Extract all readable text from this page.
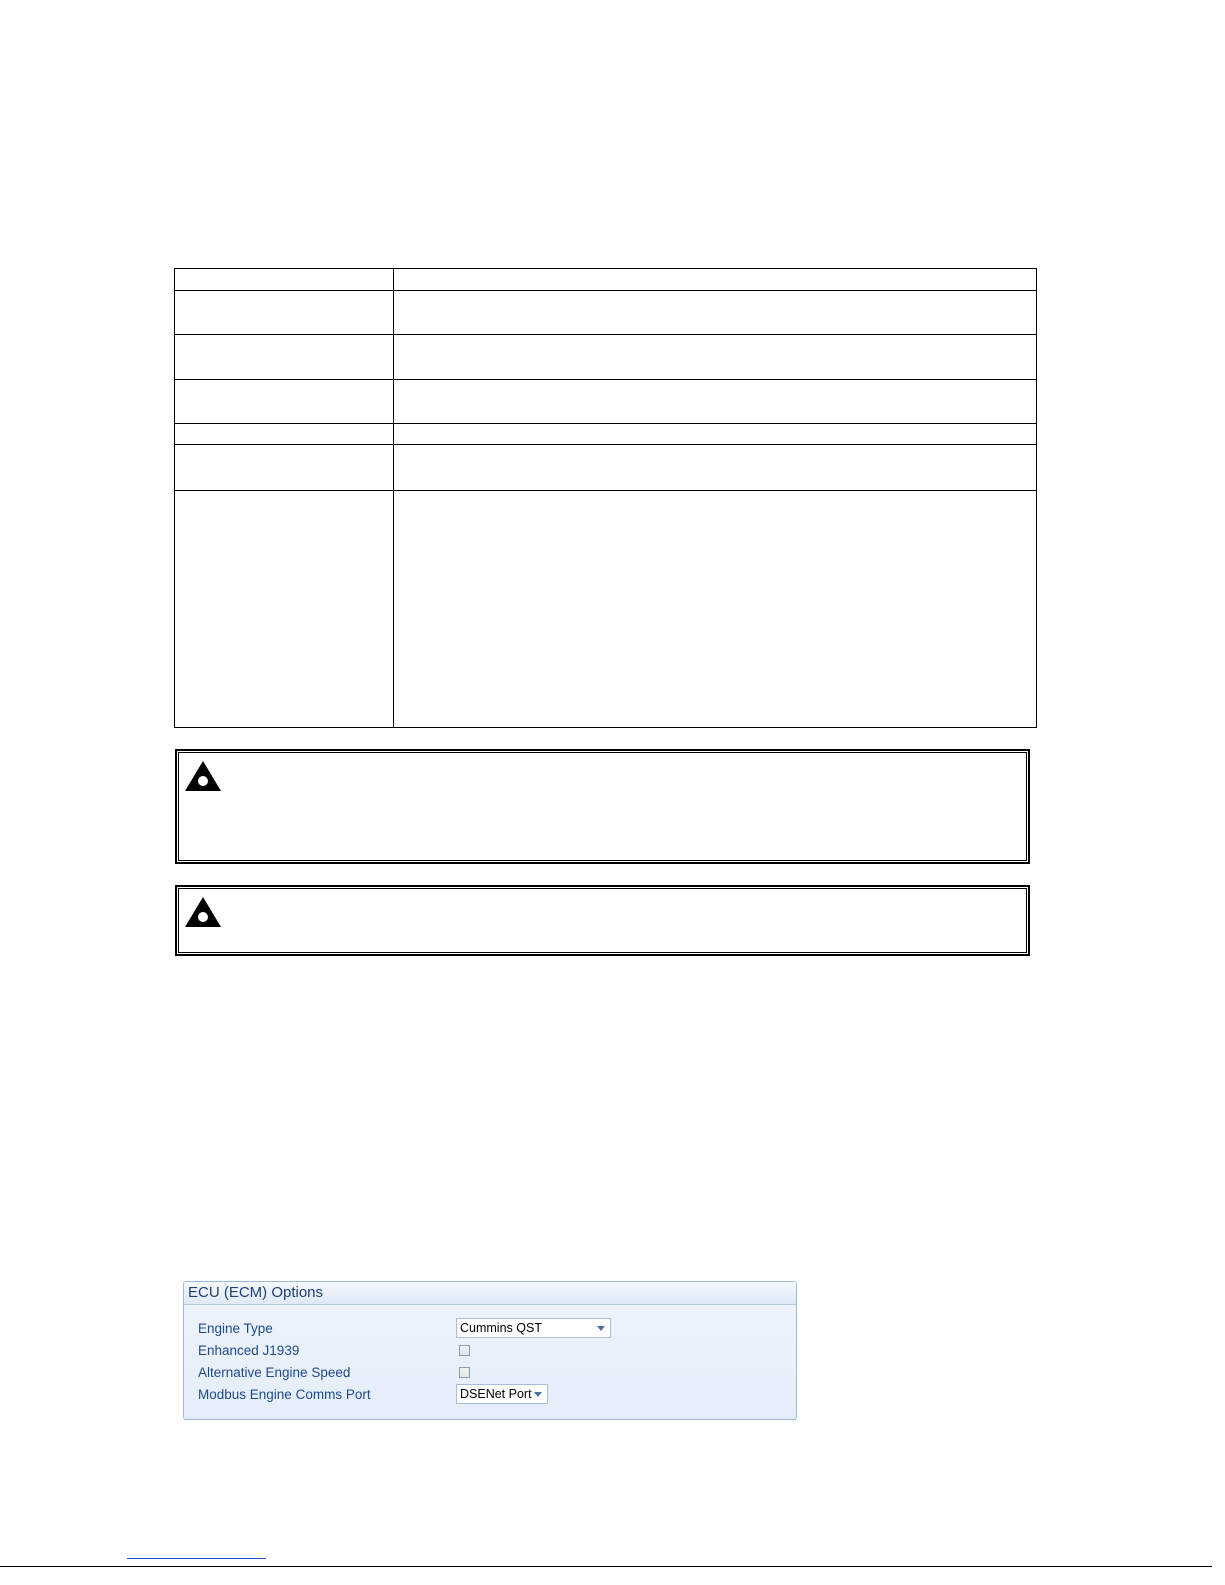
ECU (ECM) Options
Engine Type	Cummins QST
Enhanced J1939
Alternative Engine Speed
Modbus Engine Comms Port	DSENet Port
